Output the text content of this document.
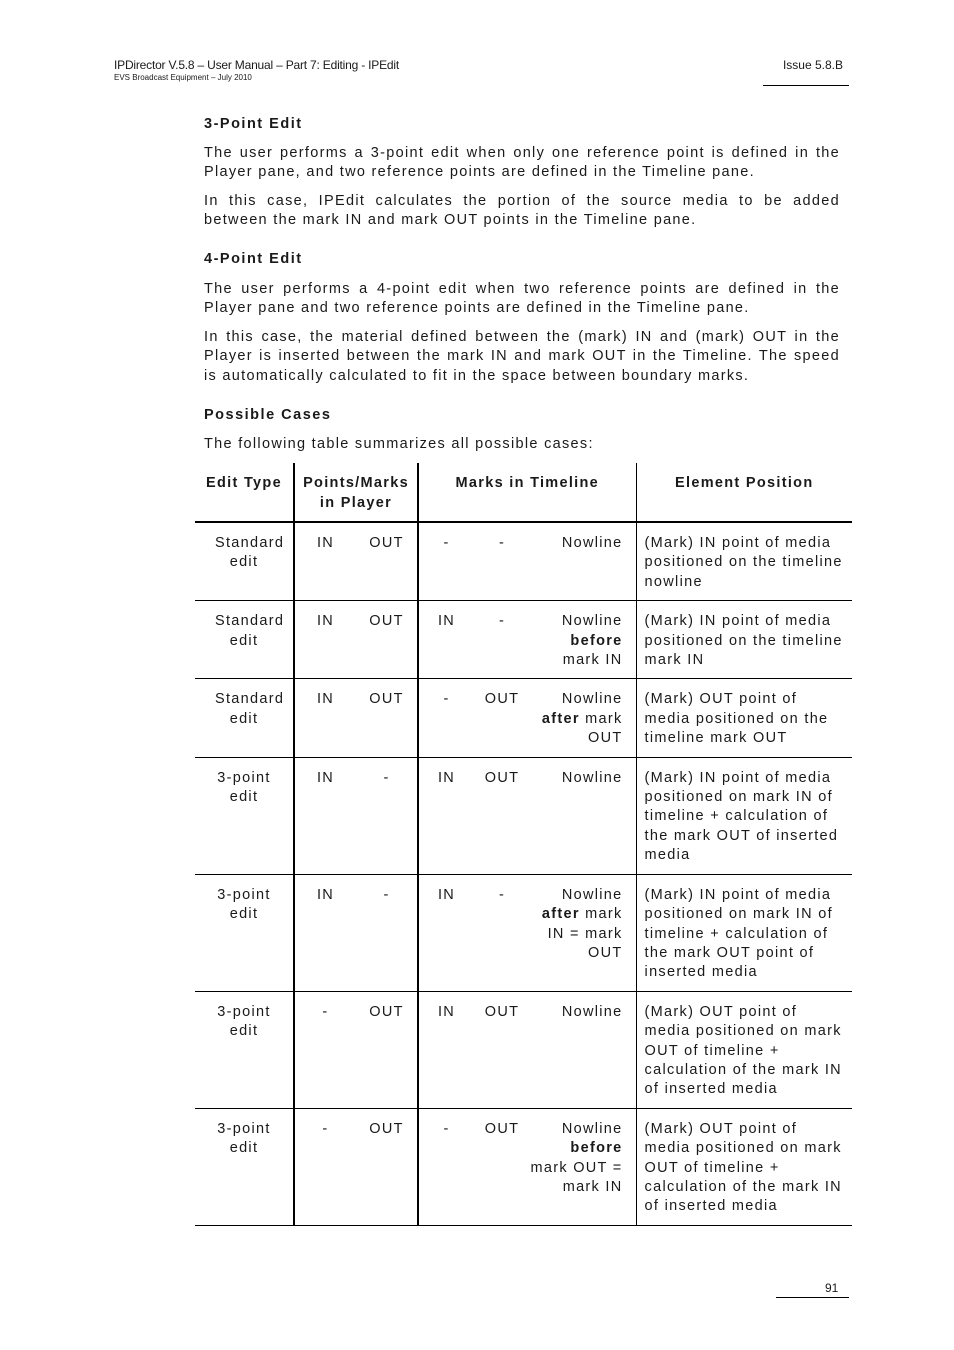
IPDirector V.5.8 – User Manual – Part 7: Editing - IPEdit
EVS Broadcast Equipment – July 2010
Issue 5.8.B
3-Point Edit
The user performs a 3-point edit when only one reference point is defined in the Player pane, and two reference points are defined in the Timeline pane.
In this case, IPEdit calculates the portion of the source media to be added between the mark IN and mark OUT points in the Timeline pane.
4-Point Edit
The user performs a 4-point edit when two reference points are defined in the Player pane and two reference points are defined in the Timeline pane.
In this case, the material defined between the (mark) IN and (mark) OUT in the Player is inserted between the mark IN and mark OUT in the Timeline. The speed is automatically calculated to fit in the space between boundary marks.
Possible Cases
The following table summarizes all possible cases:
Edit Type	Points/Marks in Player		Marks in Timeline			Element Position
Standard edit	IN	OUT	-	-	Nowline	(Mark) IN point of media positioned on the timeline nowline
Standard edit	IN	OUT	IN	-	Nowline
before
mark IN	(Mark) IN point of media positioned on the timeline mark IN
Standard edit	IN	OUT	-	OUT	Nowline
after mark OUT	(Mark) OUT point of media positioned on the timeline mark OUT
3-point edit	IN	-	IN	OUT	Nowline	(Mark) IN point of media positioned on mark IN of timeline + calculation of the mark OUT of inserted media
3-point edit	IN	-	IN	-	Nowline
after mark IN = mark OUT	(Mark) IN point of media positioned on mark IN of timeline + calculation of the mark OUT point of inserted media
3-point edit	-	OUT	IN	OUT	Nowline	(Mark) OUT point of media positioned on mark OUT of timeline + calculation of the mark IN of inserted media
3-point edit	-	OUT	-	OUT	Nowline
before
mark OUT = mark IN	(Mark) OUT point of media positioned on mark OUT of timeline + calculation of the mark IN of inserted media
91
